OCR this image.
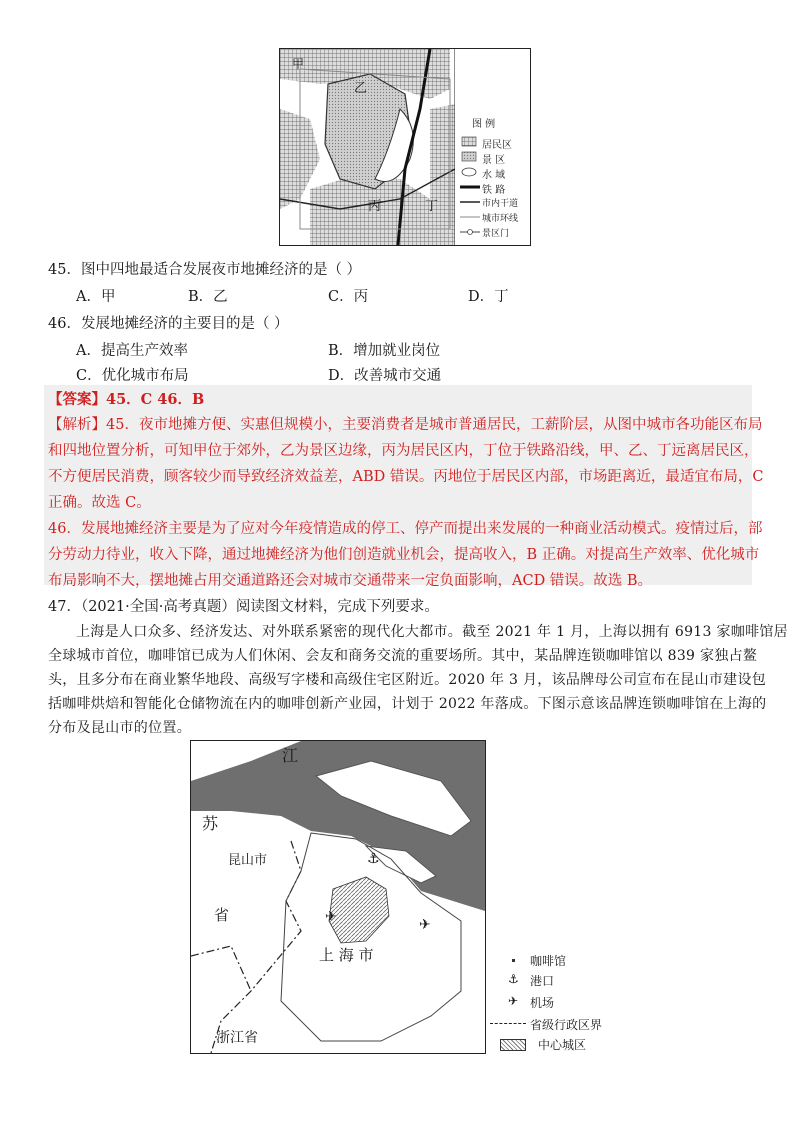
甲
乙
丙	丁
图 例
居民区
景 区
水 域
铁 路
市内干道
城市环线
景区门
45．图中四地最适合发展夜市地摊经济的是（ ）
A．甲	B．乙	C．丙	D．丁
46．发展地摊经济的主要目的是（ ）
A．提高生产效率	B．增加就业岗位
C．优化城市布局	D．改善城市交通
【答案】45．C 46．B
【解析】45．夜市地摊方便、实惠但规模小，主要消费者是城市普通居民，工薪阶层，从图中城市各功能区布局
和四地位置分析，可知甲位于郊外，乙为景区边缘，丙为居民区内，丁位于铁路沿线，甲、乙、丁远离居民区，
不方便居民消费，顾客较少而导致经济效益差，ABD 错误。丙地位于居民区内部，市场距离近，最适宜布局，C
正确。故选 C。
46．发展地摊经济主要是为了应对今年疫情造成的停工、停产而提出来发展的一种商业活动模式。疫情过后，部
分劳动力待业，收入下降，通过地摊经济为他们创造就业机会，提高收入，B 正确。对提高生产效率、优化城市
布局影响不大，摆地摊占用交通道路还会对城市交通带来一定负面影响，ACD 错误。故选 B。
47．（2021·全国·高考真题）阅读图文材料，完成下列要求。
上海是人口众多、经济发达、对外联系紧密的现代化大都市。截至 2021 年 1 月，上海以拥有 6913 家咖啡馆居
全球城市首位，咖啡馆已成为人们休闲、会友和商务交流的重要场所。其中，某品牌连锁咖啡馆以 839 家独占鳌
头，且多分布在商业繁华地段、高级写字楼和高级住宅区附近。2020 年 3 月，该品牌母公司宣布在昆山市建设包
括咖啡烘焙和智能化仓储物流在内的咖啡创新产业园，计划于 2022 年落成。下图示意该品牌连锁咖啡馆在上海的
分布及昆山市的位置。
江
苏
昆山市
省
上 海 市
浙江省
⚓
✈	✈
咖啡馆
⚓ 港口
✈ 机场
省级行政区界
中心城区
